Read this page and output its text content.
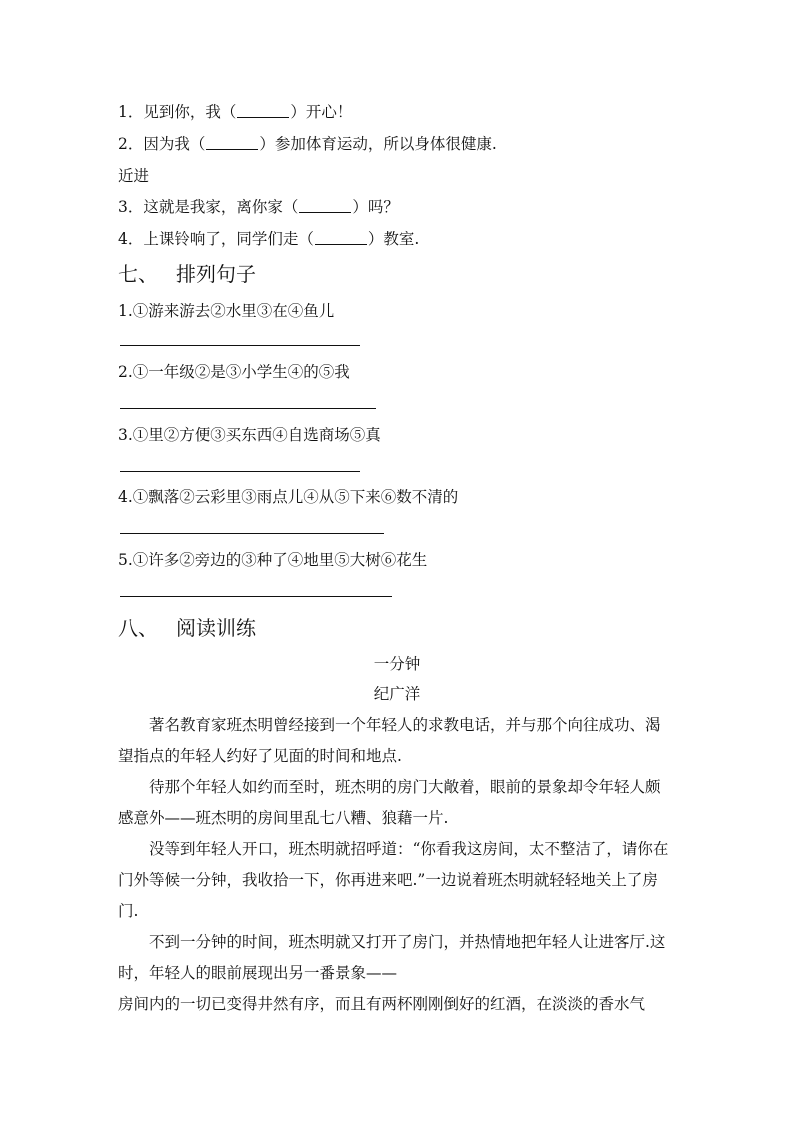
1．见到你，我（	）开心！
2．因为我（	）参加体育运动，所以身体很健康.
近进
3．这就是我家，离你家（	）吗？
4．上课铃响了，同学们走（	）教室.
七、 排列句子
1.①游来游去②水里③在④鱼儿
2.①一年级②是③小学生④的⑤我
3.①里②方便③买东西④自选商场⑤真
4.①飘落②云彩里③雨点儿④从⑤下来⑥数不清的
5.①许多②旁边的③种了④地里⑤大树⑥花生
八、 阅读训练
一分钟
纪广洋

著名教育家班杰明曾经接到一个年轻人的求教电话，并与那个向往成功、渴望指点的年轻人约好了见面的时间和地点.

待那个年轻人如约而至时，班杰明的房门大敞着，眼前的景象却令年轻人颇感意外——班杰明的房间里乱七八糟、狼藉一片.

没等到年轻人开口，班杰明就招呼道：“你看我这房间，太不整洁了，请你在门外等候一分钟，我收拾一下，你再进来吧.”一边说着班杰明就轻轻地关上了房门.

不到一分钟的时间，班杰明就又打开了房门，并热情地把年轻人让进客厅.这时，年轻人的眼前展现出另一番景象——

房间内的一切已变得井然有序，而且有两杯刚刚倒好的红酒，在淡淡的香水气
